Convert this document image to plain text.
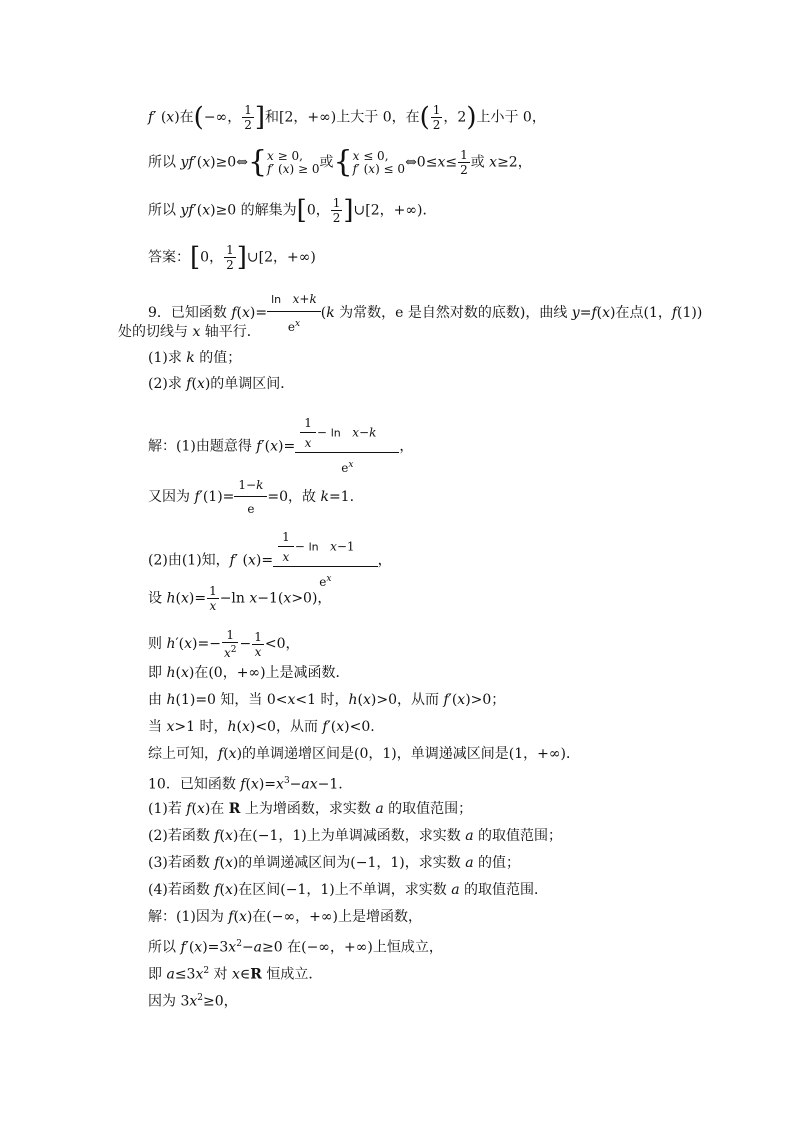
f′ (x)在(−∞， $\frac{1}{2}$ ]和[2，+∞)上大于 0，在( $\frac{1}{2}$ ，2)上小于 0，
所以 yf′(x)≥0⇔{ x ≥ 0,
f′ (x) ≥ 0 或{ x ≤ 0,
f′ (x) ≤ 0 ⇔0≤x≤ $\frac{1}{2}$ 或 x≥2，
所以 yf′(x)≥0 的解集为[0， $\frac{1}{2}$ ]∪[2，+∞)．
答案：[0， $\frac{1}{2}$ ]∪[2，+∞)
9．已知函数 $f(x)= \frac{\text{ln x+k}}{e^x} (k$ 为常数，e 是自然对数的底数)，曲线 y=f(x)在点(1，f(1))
处的切线与 x 轴平行．
(1)求 k 的值；
(2)求 f(x)的单调区间．
解：(1)由题意得 $f'(x)= \frac{\frac{1}{x} - \ln x-k}{e^x}$ ，
又因为 $f'(1)= \frac{1-k}{e} =0$，故 k=1.
(2)由(1)知，f′ $(x)= \frac{\frac{1}{x} - \ln x-1}{e^x}$ ，
设 $h(x)= \frac{1}{x} -\ln$ x−1(x>0)，
则 $h'(x)=- \frac{1}{x^2} - \frac{1}{x} <0$，
即 h(x)在(0，+∞)上是减函数．
由 h(1)=0 知，当 0<x<1 时，h(x)>0，从而 f′(x)>0；
当 x>1 时，h(x)<0，从而 f′(x)<0.
综上可知，f(x)的单调递增区间是(0，1)，单调递减区间是(1，+∞)．
10．已知函数 $f(x)=x^3-ax-1$.
(1)若 f(x)在 R 上为增函数，求实数 a 的取值范围；
(2)若函数 f(x)在(−1，1)上为单调减函数，求实数 a 的取值范围；
(3)若函数 f(x)的单调递减区间为(−1，1)，求实数 a 的值；
(4)若函数 f(x)在区间(−1，1)上不单调，求实数 a 的取值范围．
解：(1)因为 f(x)在(−∞，+∞)上是增函数，
所以 $f'(x)=3x^2-a\ge 0$ 在(−∞，+∞)上恒成立，
即 $a\le 3x^2$ 对 x∈R 恒成立．
因为 $3x^2\ge 0$，
